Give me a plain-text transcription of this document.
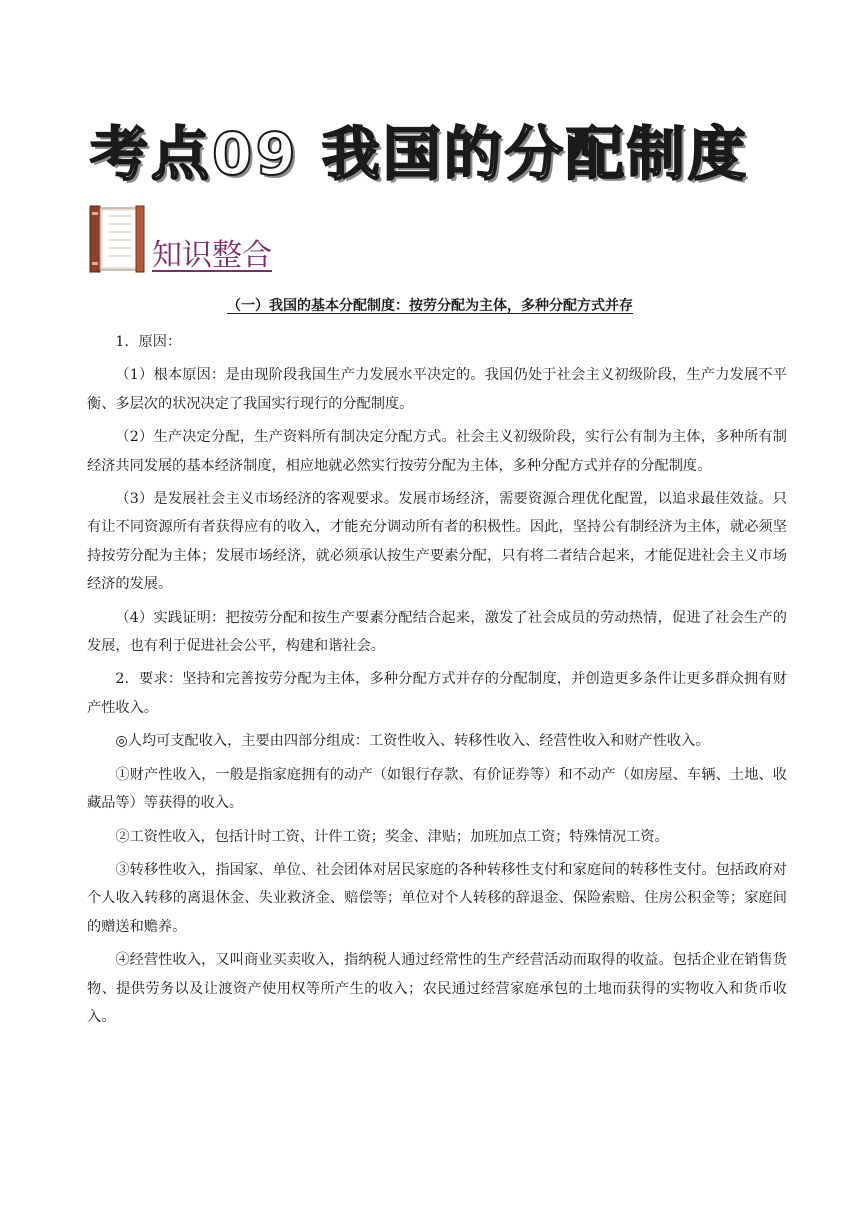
考点09 我国的分配制度
知识整合
（一）我国的基本分配制度：按劳分配为主体，多种分配方式并存

1．原因：

（1）根本原因：是由现阶段我国生产力发展水平决定的。我国仍处于社会主义初级阶段，生产力发展不平衡、多层次的状况决定了我国实行现行的分配制度。

（2）生产决定分配，生产资料所有制决定分配方式。社会主义初级阶段，实行公有制为主体，多种所有制经济共同发展的基本经济制度，相应地就必然实行按劳分配为主体，多种分配方式并存的分配制度。

（3）是发展社会主义市场经济的客观要求。发展市场经济，需要资源合理优化配置，以追求最佳效益。只有让不同资源所有者获得应有的收入，才能充分调动所有者的积极性。因此，坚持公有制经济为主体，就必须坚持按劳分配为主体；发展市场经济，就必须承认按生产要素分配，只有将二者结合起来，才能促进社会主义市场经济的发展。

（4）实践证明：把按劳分配和按生产要素分配结合起来，激发了社会成员的劳动热情，促进了社会生产的发展，也有利于促进社会公平，构建和谐社会。

2．要求：坚持和完善按劳分配为主体，多种分配方式并存的分配制度，并创造更多条件让更多群众拥有财产性收入。

◎人均可支配收入，主要由四部分组成：工资性收入、转移性收入、经营性收入和财产性收入。

①财产性收入，一般是指家庭拥有的动产（如银行存款、有价证券等）和不动产（如房屋、车辆、土地、收藏品等）等获得的收入。

②工资性收入，包括计时工资、计件工资；奖金、津贴；加班加点工资；特殊情况工资。

③转移性收入，指国家、单位、社会团体对居民家庭的各种转移性支付和家庭间的转移性支付。包括政府对个人收入转移的离退休金、失业救济金、赔偿等；单位对个人转移的辞退金、保险索赔、住房公积金等；家庭间的赠送和赡养。

④经营性收入，又叫商业买卖收入，指纳税人通过经常性的生产经营活动而取得的收益。包括企业在销售货物、提供劳务以及让渡资产使用权等所产生的收入；农民通过经营家庭承包的土地而获得的实物收入和货币收入。
